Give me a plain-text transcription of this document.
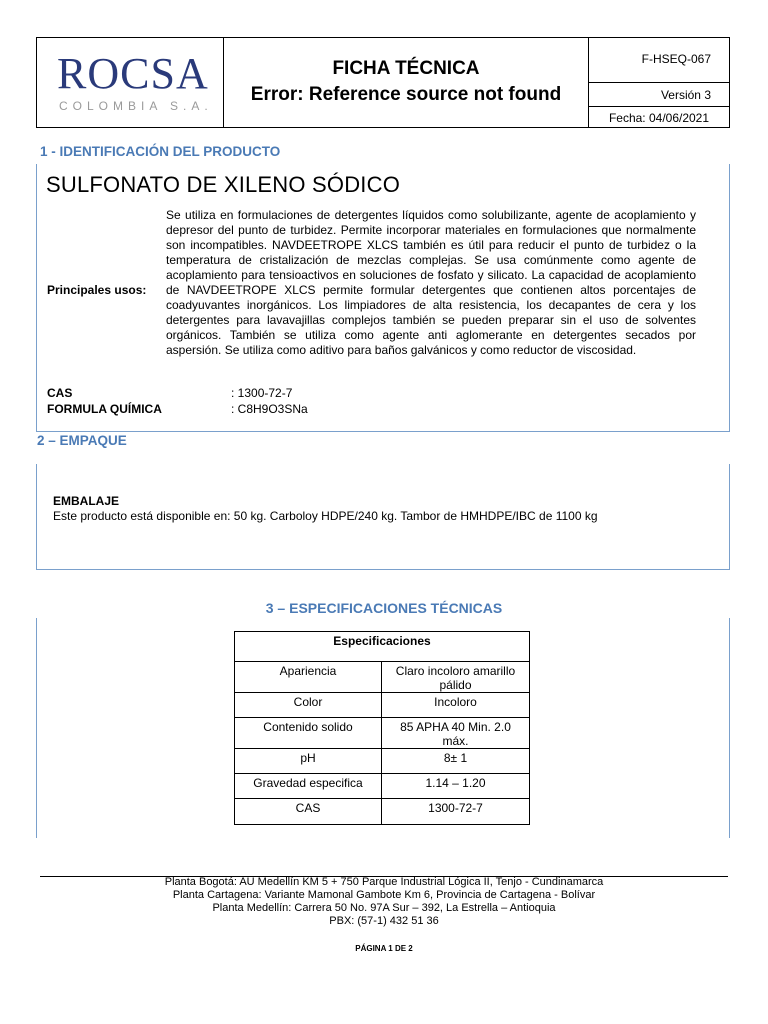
ROCSA
COLOMBIA S.A.
FICHA TÉCNICA
Error: Reference source not found
F-HSEQ-067
Versión 3
Fecha: 04/06/2021
1 - IDENTIFICACIÓN DEL PRODUCTO
SULFONATO DE XILENO SÓDICO
Principales usos:
Se utiliza en formulaciones de detergentes líquidos como solubilizante, agente de acoplamiento y depresor del punto de turbidez. Permite incorporar materiales en formulaciones que normalmente son incompatibles. NAVDEETROPE XLCS también es útil para reducir el punto de turbidez o la temperatura de cristalización de mezclas complejas. Se usa comúnmente como agente de acoplamiento para tensioactivos en soluciones de fosfato y silicato. La capacidad de acoplamiento de NAVDEETROPE XLCS permite formular detergentes que contienen altos porcentajes de coadyuvantes inorgánicos. Los limpiadores de alta resistencia, los decapantes de cera y los detergentes para lavavajillas complejos también se pueden preparar sin el uso de solventes orgánicos. También se utiliza como agente anti aglomerante en detergentes secados por aspersión. Se utiliza como aditivo para baños galvánicos y como reductor de viscosidad.
CAS	: 1300-72-7
FORMULA QUÍMICA	: C8H9O3SNa
2 – EMPAQUE
EMBALAJE
Este producto está disponible en: 50 kg. Carboloy HDPE/240 kg. Tambor de HMHDPE/IBC de 1100 kg
3 – ESPECIFICACIONES TÉCNICAS
Especificaciones	
Apariencia	Claro incoloro amarillo pálido
Color	Incoloro
Contenido solido	85 APHA 40 Min. 2.0 máx.
pH	8± 1
Gravedad especifica	1.14 – 1.20
CAS	1300-72-7
Planta Bogotá: AU Medellín KM 5 + 750 Parque Industrial Lógica II, Tenjo - Cundinamarca
Planta Cartagena: Variante Mamonal Gambote Km 6, Provincia de Cartagena - Bolívar
Planta Medellín: Carrera 50 No. 97A Sur – 392, La Estrella – Antioquia
PBX: (57-1) 432 51 36
PÁGINA 1 DE 2
